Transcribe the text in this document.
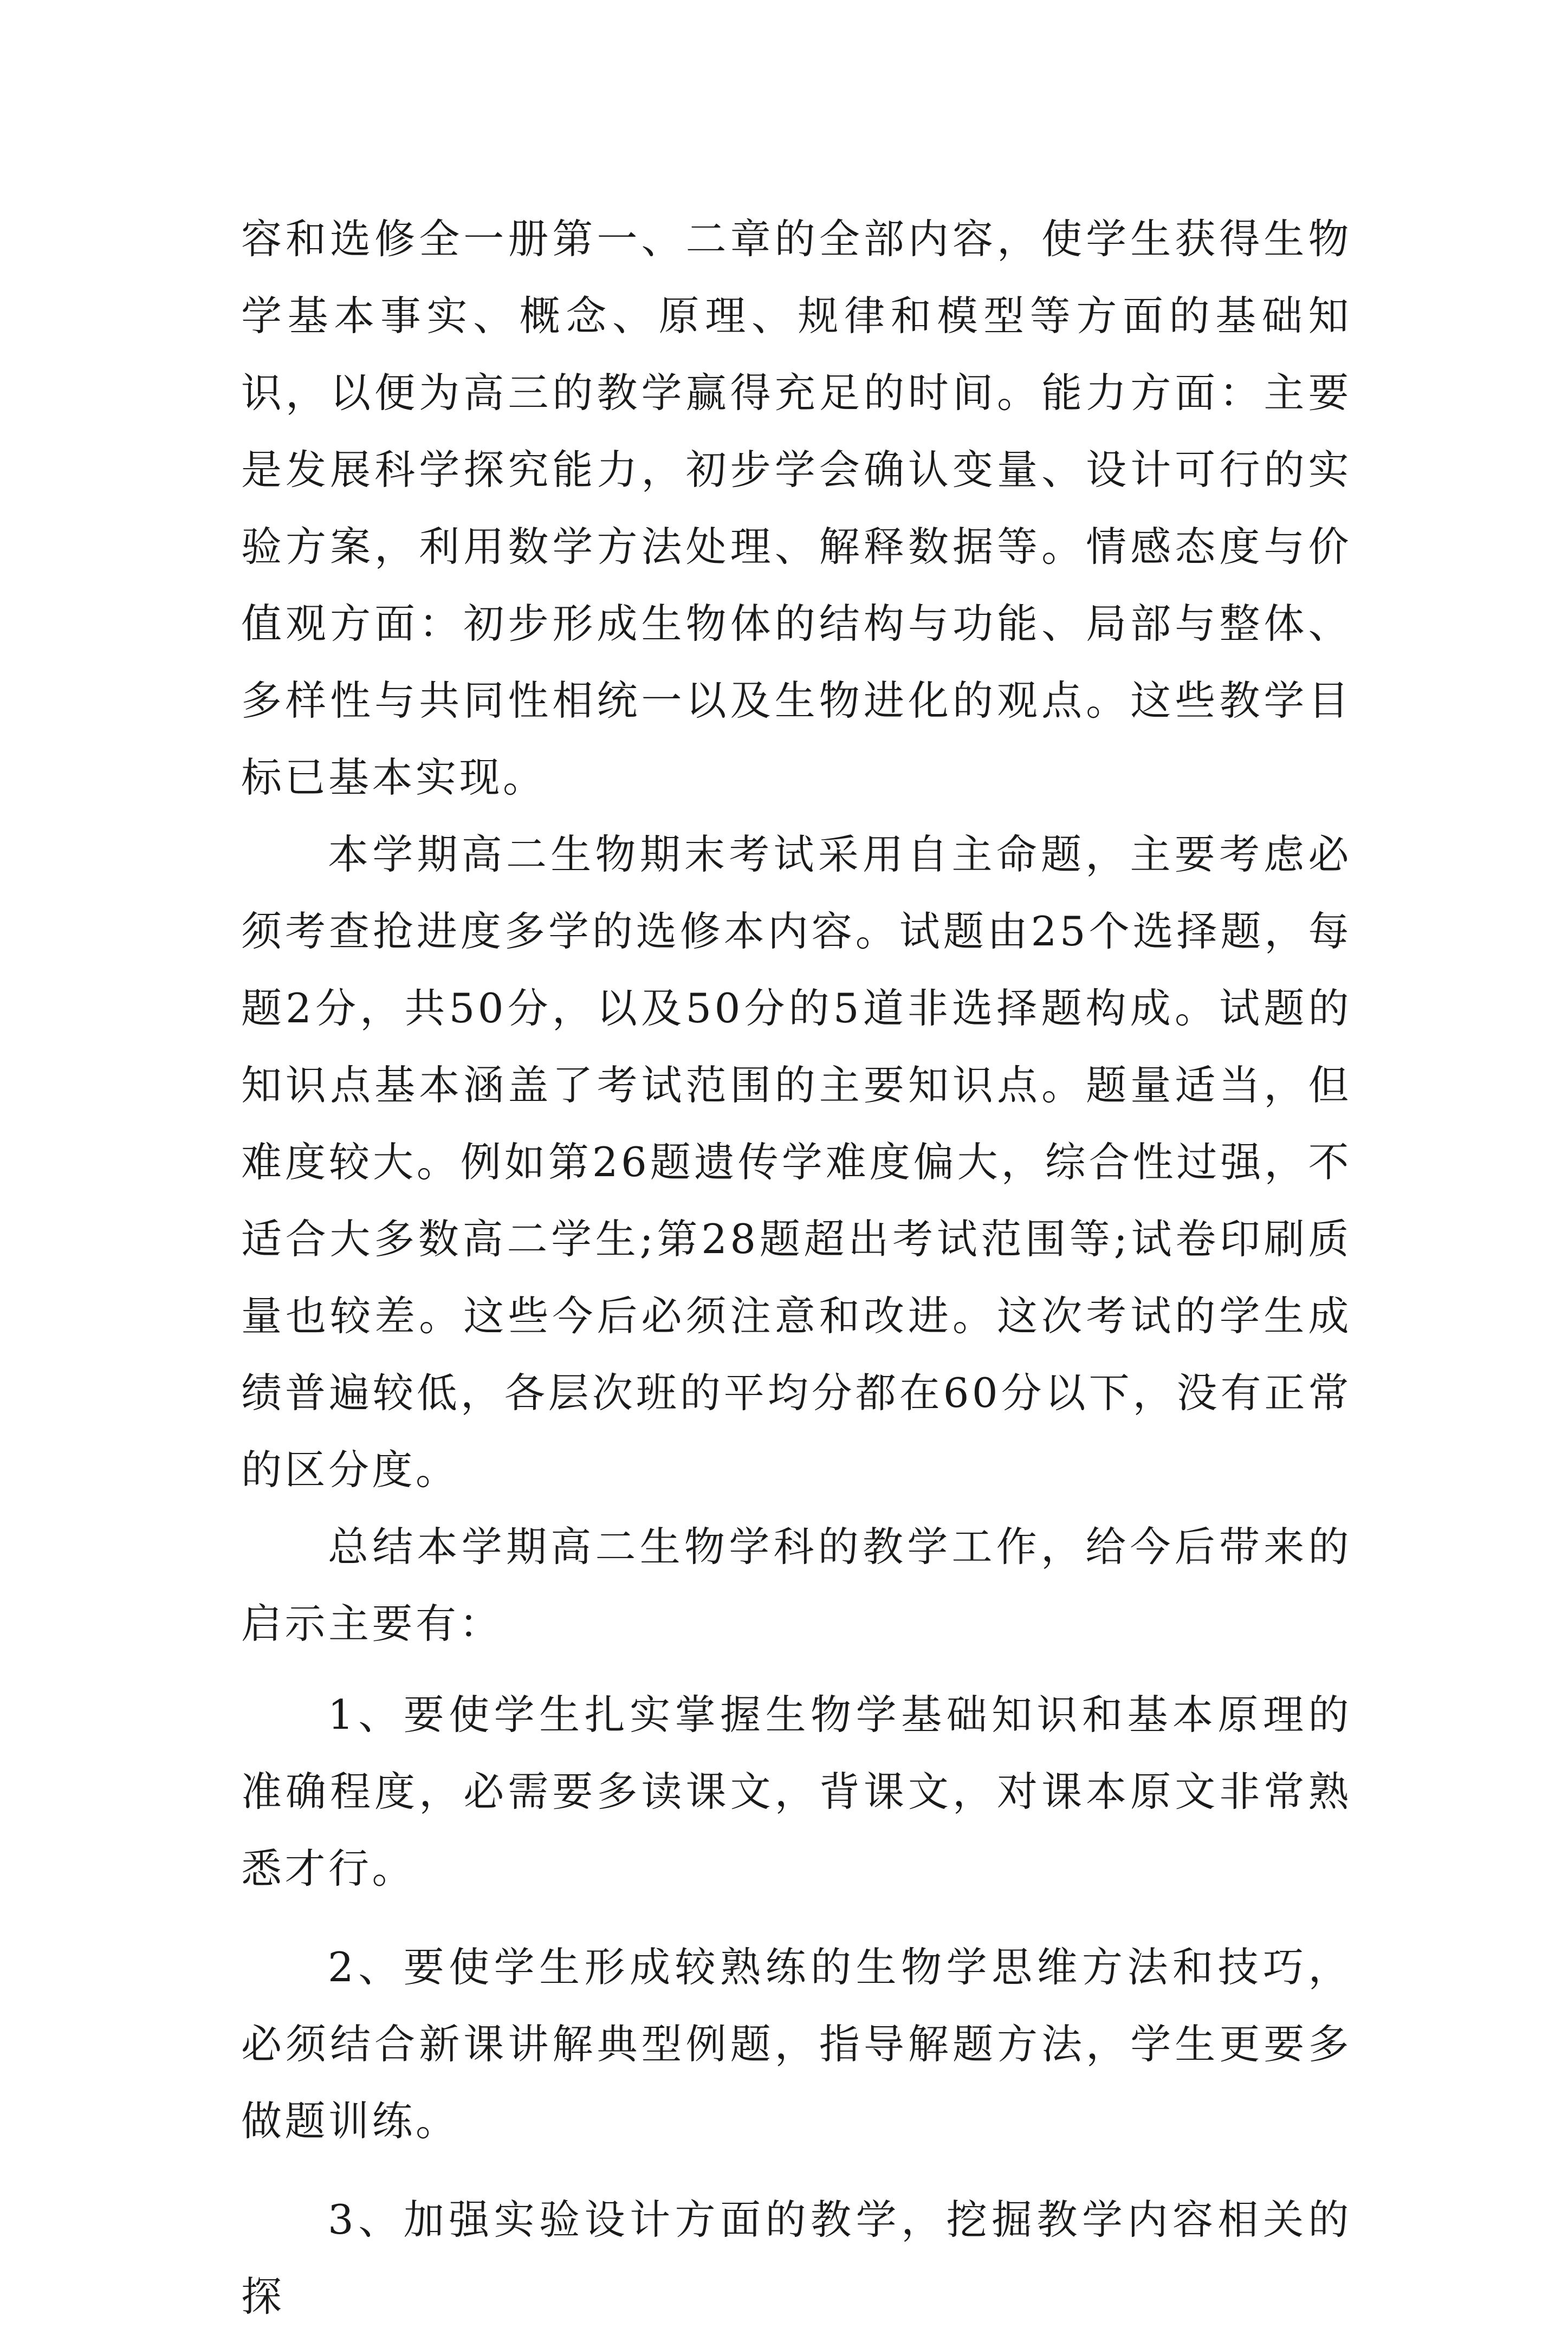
容和选修全一册第一、二章的全部内容，使学生获得生物学基本事实、概念、原理、规律和模型等方面的基础知识，以便为高三的教学赢得充足的时间。能力方面：主要是发展科学探究能力，初步学会确认变量、设计可行的实验方案，利用数学方法处理、解释数据等。情感态度与价值观方面：初步形成生物体的结构与功能、局部与整体、多样性与共同性相统一以及生物进化的观点。这些教学目标已基本实现。

本学期高二生物期末考试采用自主命题，主要考虑必须考查抢进度多学的选修本内容。试题由25个选择题，每题2分，共50分，以及50分的5道非选择题构成。试题的知识点基本涵盖了考试范围的主要知识点。题量适当，但难度较大。例如第26题遗传学难度偏大，综合性过强，不适合大多数高二学生;第28题超出考试范围等;试卷印刷质量也较差。这些今后必须注意和改进。这次考试的学生成绩普遍较低，各层次班的平均分都在60分以下，没有正常的区分度。

总结本学期高二生物学科的教学工作，给今后带来的启示主要有：

1、要使学生扎实掌握生物学基础知识和基本原理的准确程度，必需要多读课文，背课文，对课本原文非常熟悉才行。

2、要使学生形成较熟练的生物学思维方法和技巧，必须结合新课讲解典型例题，指导解题方法，学生更要多做题训练。

3、加强实验设计方面的教学，挖掘教学内容相关的探
